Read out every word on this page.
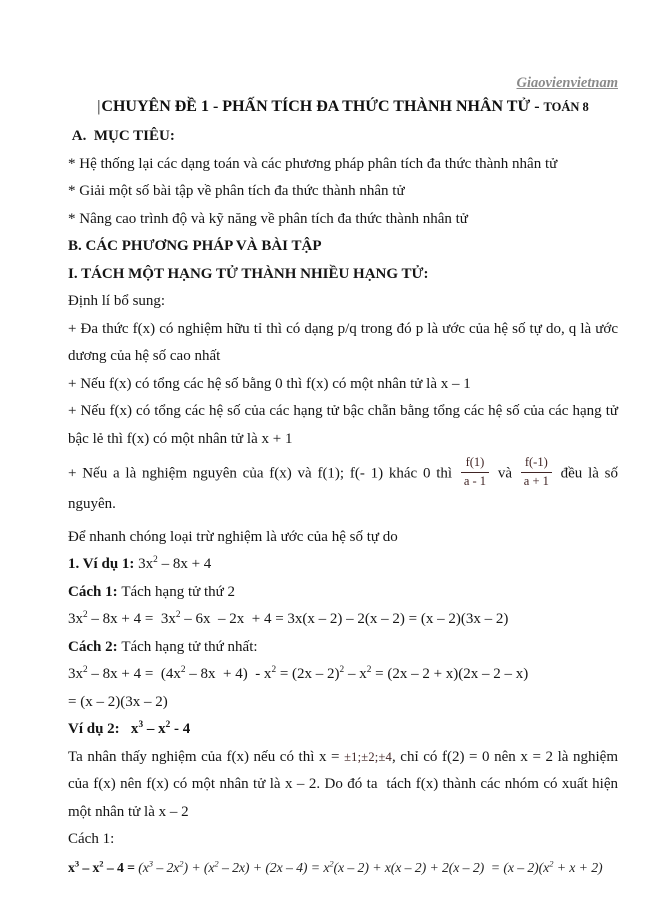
Giaovienvietnam
|CHUYÊN ĐỀ 1 - PHẤN TÍCH ĐA THỨC THÀNH NHÂN TỬ - TOÁN 8
A.  MỤC TIÊU:
* Hệ thống lại các dạng toán và các phương pháp phân tích đa thức thành nhân tử
* Giải một số bài tập về phân tích đa thức thành nhân tử
* Nâng cao trình độ và kỹ năng về phân tích đa thức thành nhân tử
B. CÁC PHƯƠNG PHÁP VÀ BÀI TẬP
I. TÁCH MỘT HẠNG TỬ THÀNH NHIỀU HẠNG TỬ:
Định lí bổ sung:
+ Đa thức f(x) có nghiệm hữu tỉ thì có dạng p/q trong đó p là ước của hệ số tự do, q là ước dương của hệ số cao nhất
+ Nếu f(x) có tổng các hệ số bằng 0 thì f(x) có một nhân tử là x – 1
+ Nếu f(x) có tổng các hệ số của các hạng tử bậc chẵn bằng tổng các hệ số của các hạng tử bậc lẻ thì f(x) có một nhân tử là x + 1
+ Nếu a là nghiệm nguyên của f(x) và f(1); f(- 1) khác 0 thì $\frac{f(1)}{a - 1}$ và $\frac{f(-1)}{a + 1}$ đều là số nguyên.
Để nhanh chóng loại trừ nghiệm là ước của hệ số tự do
1. Ví dụ 1: $3x^2 - 8x + 4$
Cách 1: Tách hạng tử thứ 2
$3x^2 - 8x + 4 = 3x^2 - 6x - 2x + 4 = 3x(x - 2) - 2(x - 2) = (x - 2)(3x - 2)$
Cách 2: Tách hạng tử thứ nhất:
$3x^2 - 8x + 4 = (4x^2 - 8x + 4) - x^2 = (2x - 2)^2 - x^2 = (2x - 2 + x)(2x - 2 - x)$
= (x – 2)(3x – 2)
Ví dụ 2:   $x^3 - x^2 - 4$
Ta nhân thấy nghiệm của f(x) nếu có thì x = ±1;±2;±4, chỉ có f(2) = 0 nên x = 2 là nghiệm của f(x) nên f(x) có một nhân tử là x – 2. Do đó ta  tách f(x) thành các nhóm có xuất hiện một nhân tử là x – 2
Cách 1:
$x^3 - x^2 - 4 = (x^3 - 2x^2) + (x^2 - 2x) + (2x - 4) = x^2(x - 2) + x(x - 2) + 2(x - 2) = (x - 2)(x^2 + x + 2)$
